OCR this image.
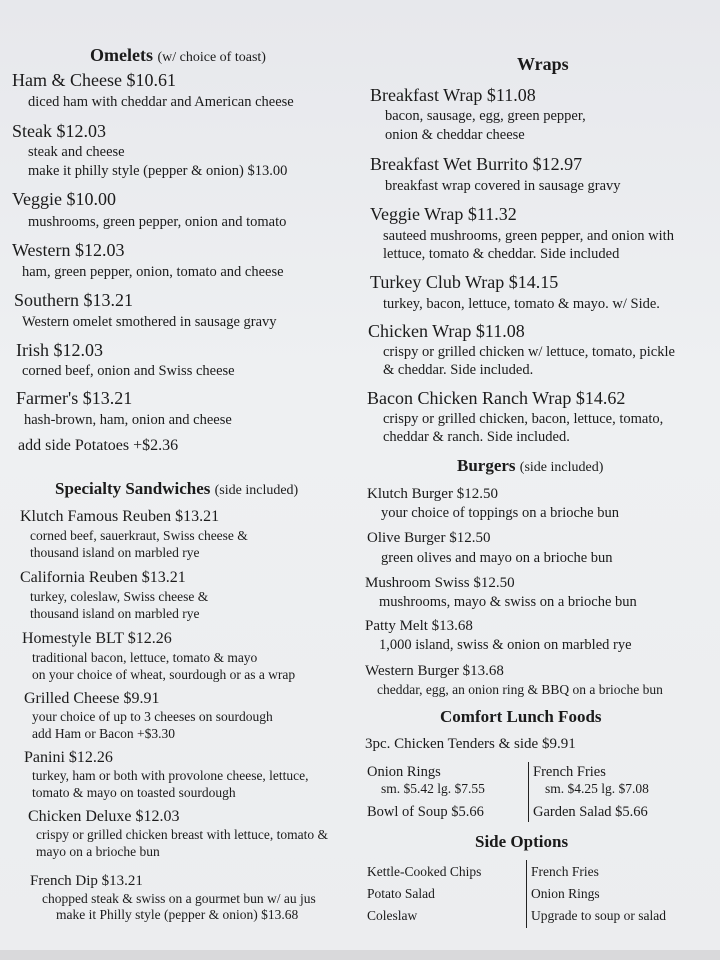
Omelets (w/ choice of toast)
Ham & Cheese $10.61
diced ham with cheddar and American cheese
Steak $12.03
steak and cheese
make it philly style (pepper & onion) $13.00
Veggie $10.00
mushrooms, green pepper, onion and tomato
Western $12.03
ham, green pepper, onion, tomato and cheese
Southern $13.21
Western omelet smothered in sausage gravy
Irish $12.03
corned beef, onion and Swiss cheese
Farmer's $13.21
hash-brown, ham, onion and cheese
add side Potatoes +$2.36
Specialty Sandwiches (side included)
Klutch Famous Reuben $13.21
corned beef, sauerkraut, Swiss cheese &
thousand island on marbled rye
California Reuben $13.21
turkey, coleslaw, Swiss cheese &
thousand island on marbled rye
Homestyle BLT $12.26
traditional bacon, lettuce, tomato & mayo
on your choice of wheat, sourdough or as a wrap
Grilled Cheese $9.91
your choice of up to 3 cheeses on sourdough
add Ham or Bacon +$3.30
Panini $12.26
turkey, ham or both with provolone cheese, lettuce,
tomato & mayo on toasted sourdough
Chicken Deluxe $12.03
crispy or grilled chicken breast with lettuce, tomato &
mayo on a brioche bun
French Dip $13.21
chopped steak & swiss on a gourmet bun w/ au jus
make it Philly style (pepper & onion) $13.68
Wraps
Breakfast Wrap $11.08
bacon, sausage, egg, green pepper,
onion & cheddar cheese
Breakfast Wet Burrito $12.97
breakfast wrap covered in sausage gravy
Veggie Wrap $11.32
sauteed mushrooms, green pepper, and onion with
lettuce, tomato & cheddar. Side included
Turkey Club Wrap $14.15
turkey, bacon, lettuce, tomato & mayo. w/ Side.
Chicken Wrap $11.08
crispy or grilled chicken w/ lettuce, tomato, pickle
& cheddar. Side included.
Bacon Chicken Ranch Wrap $14.62
crispy or grilled chicken, bacon, lettuce, tomato,
cheddar & ranch. Side included.
Burgers (side included)
Klutch Burger $12.50
your choice of toppings on a brioche bun
Olive Burger $12.50
green olives and mayo on a brioche bun
Mushroom Swiss $12.50
mushrooms, mayo & swiss on a brioche bun
Patty Melt $13.68
1,000 island, swiss & onion on marbled rye
Western Burger $13.68
cheddar, egg, an onion ring & BBQ on a brioche bun
Comfort Lunch Foods
3pc. Chicken Tenders & side $9.91
Onion Rings
sm. $5.42 lg. $7.55
French Fries
sm. $4.25 lg. $7.08
Bowl of Soup $5.66	Garden Salad $5.66
Side Options
Kettle-Cooked Chips
Potato Salad
Coleslaw
French Fries
Onion Rings
Upgrade to soup or salad
